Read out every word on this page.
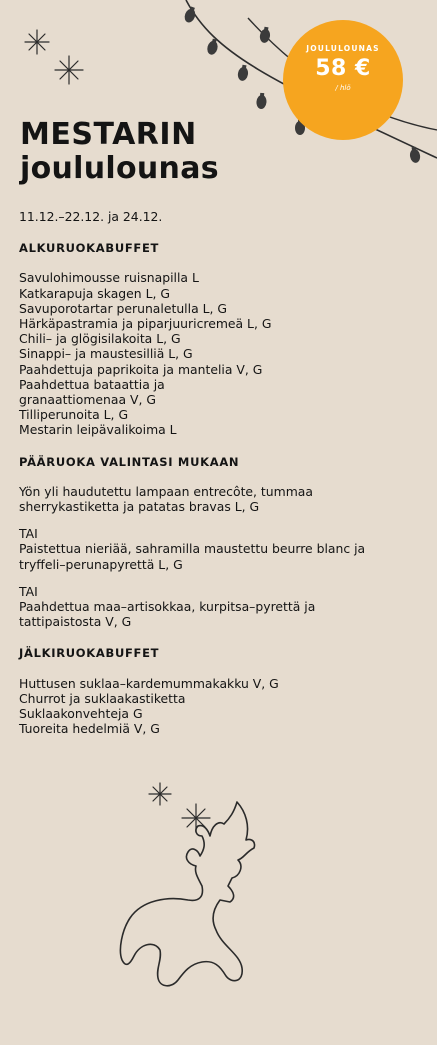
JOULULOUNAS
58 €
/ hlö
MESTARIN
joululounas

11.12.–22.12. ja 24.12.

ALKURUOKABUFFET
Savulohimousse ruisnapilla L
Katkarapuja skagen L, G
Savuporotartar perunaletulla L, G
Härkäpastramia ja piparjuuricremeä L, G
Chili– ja glögisilakoita L, G
Sinappi– ja maustesilliä L, G
Paahdettuja paprikoita ja mantelia V, G
Paahdettua bataattia ja granaattiomenaa V, G
Tilliperunoita L, G
Mestarin leipävalikoima L
PÄÄRUOKA VALINTASI MUKAAN
Yön yli haudutettu lampaan entrecôte, tummaa sherrykastiketta ja patatas bravas L, G
TAI
Paistettua nieriää, sahramilla maustettu beurre blanc ja tryffeli–perunapyrettä L, G
TAI
Paahdettua maa–artisokkaa, kurpitsa–pyrettä ja tattipaistosta V, G
JÄLKIRUOKABUFFET
Huttusen suklaa–kardemummakakku V, G
Churrot ja suklaakastiketta
Suklaakonvehteja G
Tuoreita hedelmiä V, G
